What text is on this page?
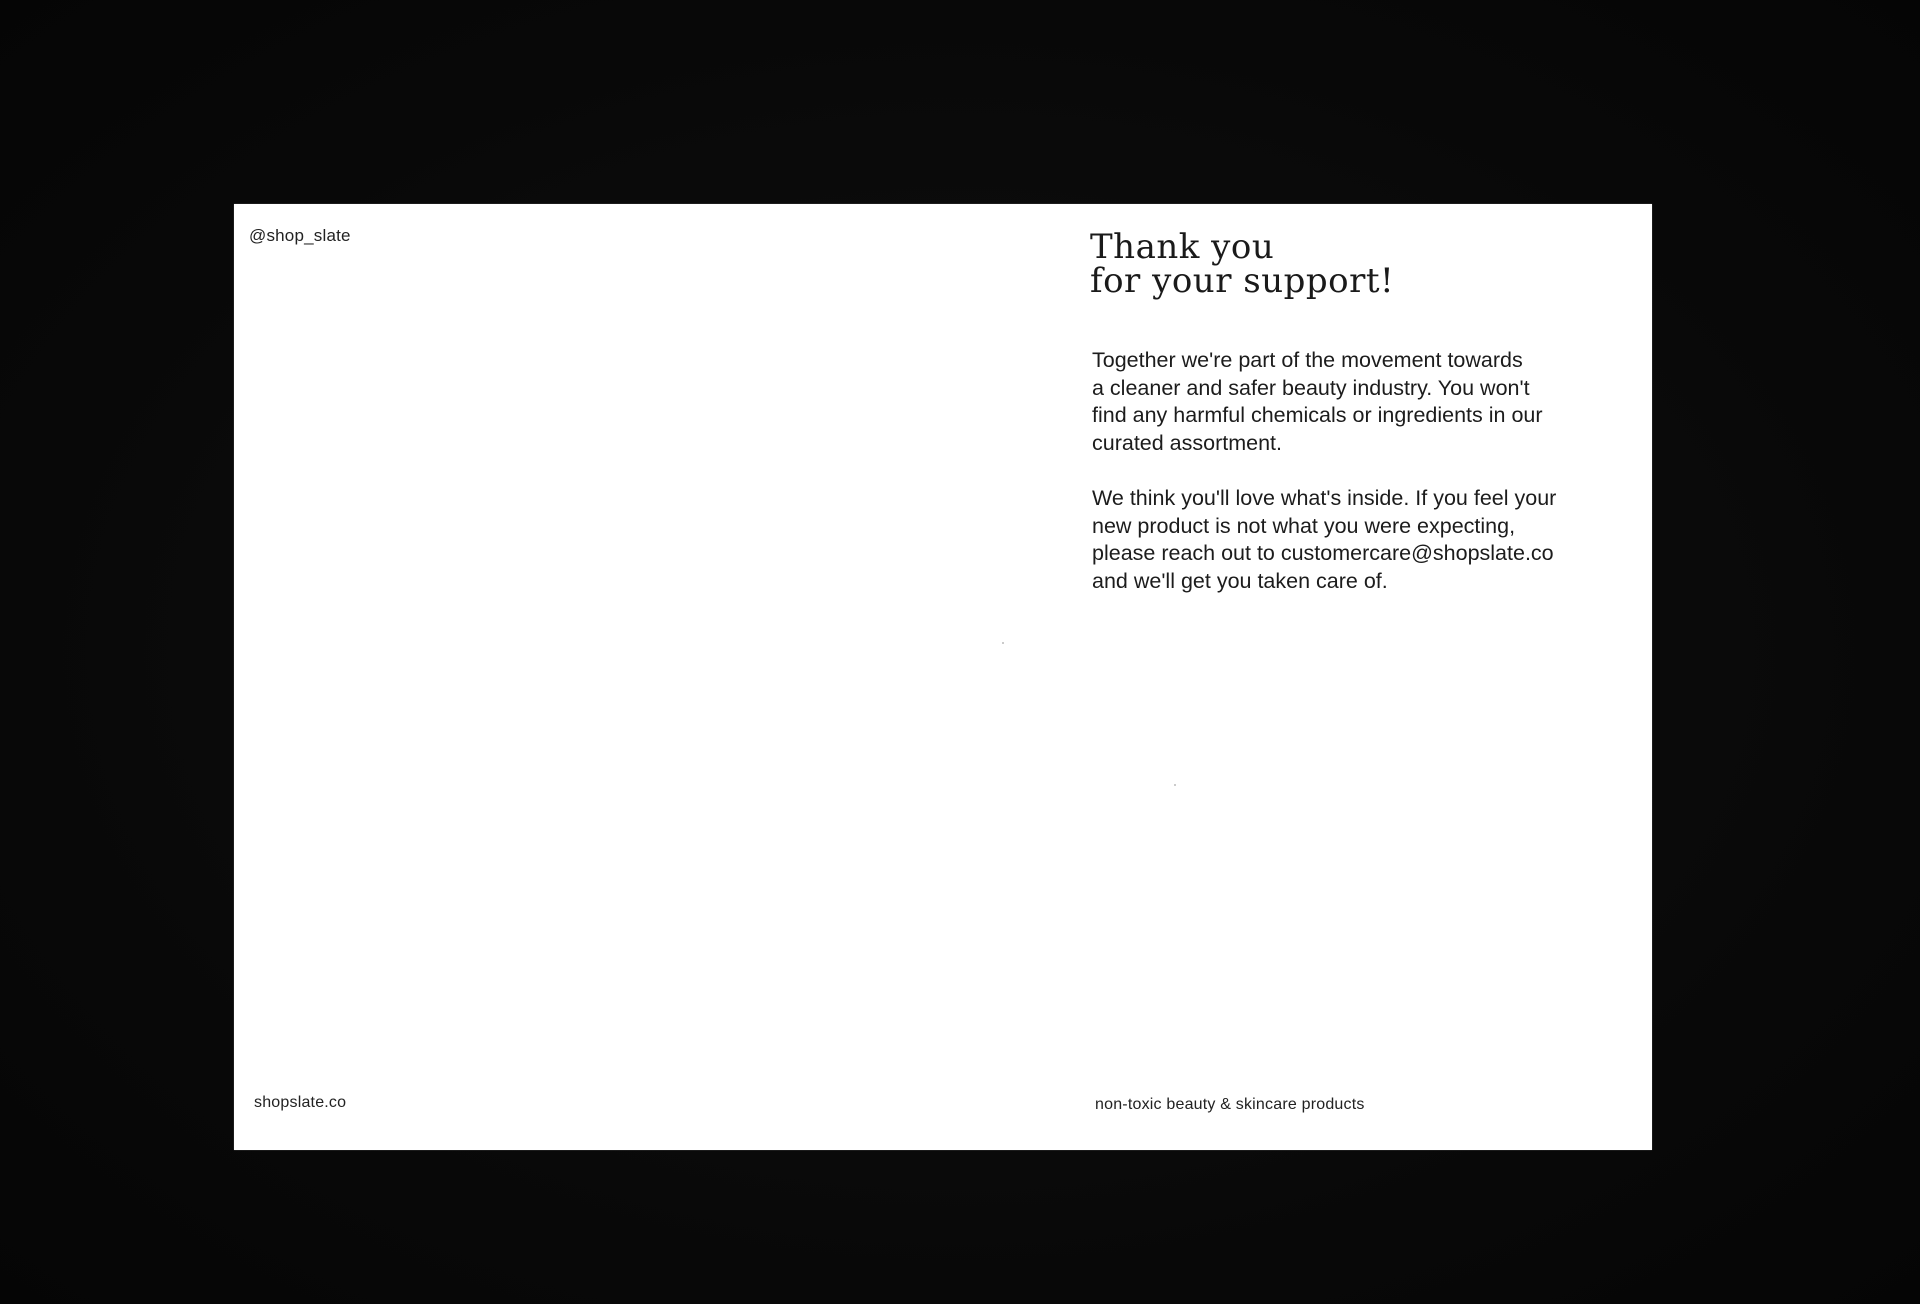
@shop_slate	Thank you
for your support!

Together we're part of the movement towards
a cleaner and safer beauty industry. You won't
find any harmful chemicals or ingredients in our
curated assortment.

We think you'll love what's inside. If you feel your
new product is not what you were expecting,
please reach out to customercare@shopslate.co
and we'll get you taken care of.

shopslate.co	non-toxic beauty & skincare products
